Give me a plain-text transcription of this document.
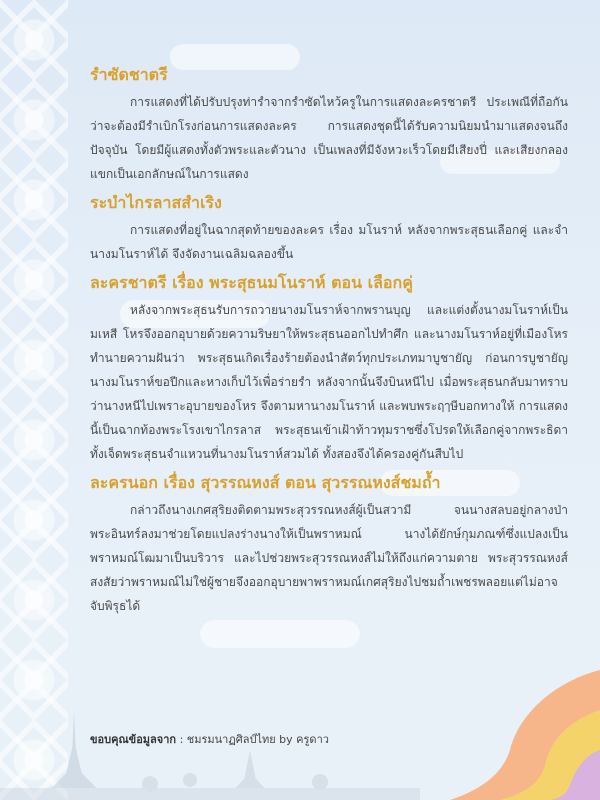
รำซัดชาตรี

การแสดงที่ได้ปรับปรุงท่ารำจากรำซัดไหว้ครูในการแสดงละครชาตรี ประเพณีที่ถือกันว่าจะต้องมีรำเบิกโรงก่อนการแสดงละคร การแสดงชุดนี้ได้รับความนิยมนำมาแสดงจนถึงปัจจุบัน โดยมีผู้แสดงทั้งตัวพระและตัวนาง เป็นเพลงที่มีจังหวะเร็วโดยมีเสียงปี่ และเสียงกลองแขกเป็นเอกลักษณ์ในการแสดง

ระบำไกรลาสสำเริง

การแสดงที่อยู่ในฉากสุดท้ายของละคร เรื่อง มโนราห์ หลังจากพระสุธนเลือกคู่ และจำนางมโนราห์ได้ จึงจัดงานเฉลิมฉลองขึ้น

ละครชาตรี เรื่อง พระสุธนมโนราห์ ตอน เลือกคู่

หลังจากพระสุธนรับการถวายนางมโนราห์จากพรานบุญ และแต่งตั้งนางมโนราห์เป็นมเหสี โหรจึงออกอุบายด้วยความริษยาให้พระสุธนออกไปทำศึก และนางมโนราห์อยู่ที่เมืองโหรทำนายความฝันว่า พระสุธนเกิดเรื่องร้ายต้องนำสัตว์ทุกประเภทมาบูชายัญ ก่อนการบูชายัญนางมโนราห์ขอปีกและหางเก็บไว้เพื่อร่ายรำ หลังจากนั้นจึงบินหนีไป เมื่อพระสุธนกลับมาทราบว่านางหนีไปเพราะอุบายของโหร จึงตามหานางมโนราห์ และพบพระฤๅษีบอกทางให้ การแสดงนี้เป็นฉากท้องพระโรงเขาไกรลาส พระสุธนเข้าเฝ้าท้าวทุมราชซึ่งโปรดให้เลือกคู่จากพระธิดาทั้งเจ็ดพระสุธนจำแหวนที่นางมโนราห์สวมได้ ทั้งสองจึงได้ครองคู่กันสืบไป

ละครนอก เรื่อง สุวรรณหงส์ ตอน สุวรรณหงส์ชมถ้ำ

กล่าวถึงนางเกศสุริยงติดตามพระสุวรรณหงส์ผู้เป็นสวามี จนนางสลบอยู่กลางป่าพระอินทร์ลงมาช่วยโดยแปลงร่างนางให้เป็นพราหมณ์ นางได้ยักษ์กุมภณฑ์ซึ่งแปลงเป็นพราหมณ์โฒมาเป็นบริวาร และไปช่วยพระสุวรรณหงส์ไม่ให้ถึงแก่ความตาย พระสุวรรณหงส์สงสัยว่าพราหมณ์ไม่ใช่ผู้ชายจึงออกอุบายพาพราหมณ์เกศสุริยงไปชมถ้ำเพชรพลอยแต่ไม่อาจจับพิรุธได้

ขอบคุณข้อมูลจาก : ชมรมนาฏศิลป์ไทย by ครูดาว
